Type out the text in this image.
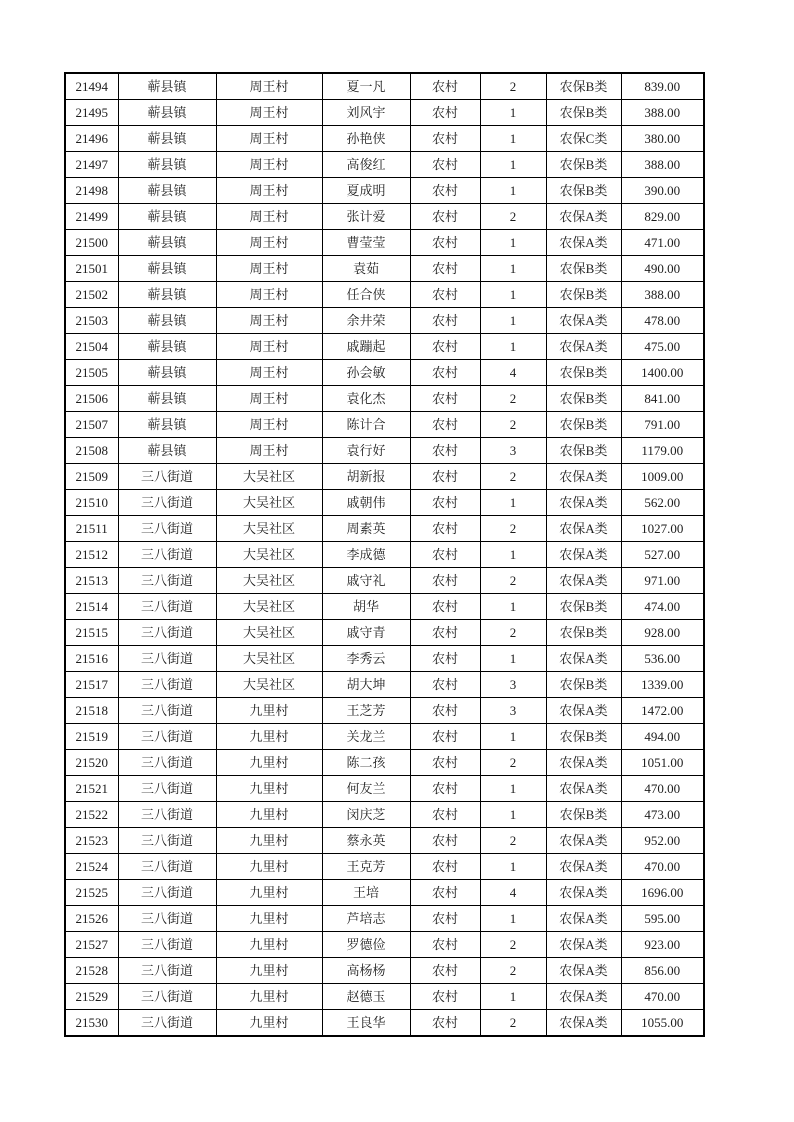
21494	蕲县镇	周王村	夏一凡	农村	2	农保B类	839.00
21495	蕲县镇	周王村	刘风宇	农村	1	农保B类	388.00
21496	蕲县镇	周王村	孙艳侠	农村	1	农保C类	380.00
21497	蕲县镇	周王村	高俊红	农村	1	农保B类	388.00
21498	蕲县镇	周王村	夏成明	农村	1	农保B类	390.00
21499	蕲县镇	周王村	张计爱	农村	2	农保A类	829.00
21500	蕲县镇	周王村	曹莹莹	农村	1	农保A类	471.00
21501	蕲县镇	周王村	袁茹	农村	1	农保B类	490.00
21502	蕲县镇	周王村	任合侠	农村	1	农保B类	388.00
21503	蕲县镇	周王村	余井荣	农村	1	农保A类	478.00
21504	蕲县镇	周王村	戚蹦起	农村	1	农保A类	475.00
21505	蕲县镇	周王村	孙会敏	农村	4	农保B类	1400.00
21506	蕲县镇	周王村	袁化杰	农村	2	农保B类	841.00
21507	蕲县镇	周王村	陈计合	农村	2	农保B类	791.00
21508	蕲县镇	周王村	袁行好	农村	3	农保B类	1179.00
21509	三八街道	大吴社区	胡新报	农村	2	农保A类	1009.00
21510	三八街道	大吴社区	戚朝伟	农村	1	农保A类	562.00
21511	三八街道	大吴社区	周素英	农村	2	农保A类	1027.00
21512	三八街道	大吴社区	李成德	农村	1	农保A类	527.00
21513	三八街道	大吴社区	戚守礼	农村	2	农保A类	971.00
21514	三八街道	大吴社区	胡华	农村	1	农保B类	474.00
21515	三八街道	大吴社区	戚守青	农村	2	农保B类	928.00
21516	三八街道	大吴社区	李秀云	农村	1	农保A类	536.00
21517	三八街道	大吴社区	胡大坤	农村	3	农保B类	1339.00
21518	三八街道	九里村	王芝芳	农村	3	农保A类	1472.00
21519	三八街道	九里村	关龙兰	农村	1	农保B类	494.00
21520	三八街道	九里村	陈二孩	农村	2	农保A类	1051.00
21521	三八街道	九里村	何友兰	农村	1	农保A类	470.00
21522	三八街道	九里村	闵庆芝	农村	1	农保B类	473.00
21523	三八街道	九里村	蔡永英	农村	2	农保A类	952.00
21524	三八街道	九里村	王克芳	农村	1	农保A类	470.00
21525	三八街道	九里村	王培	农村	4	农保A类	1696.00
21526	三八街道	九里村	芦培志	农村	1	农保A类	595.00
21527	三八街道	九里村	罗德俭	农村	2	农保A类	923.00
21528	三八街道	九里村	高杨杨	农村	2	农保A类	856.00
21529	三八街道	九里村	赵德玉	农村	1	农保A类	470.00
21530	三八街道	九里村	王良华	农村	2	农保A类	1055.00
